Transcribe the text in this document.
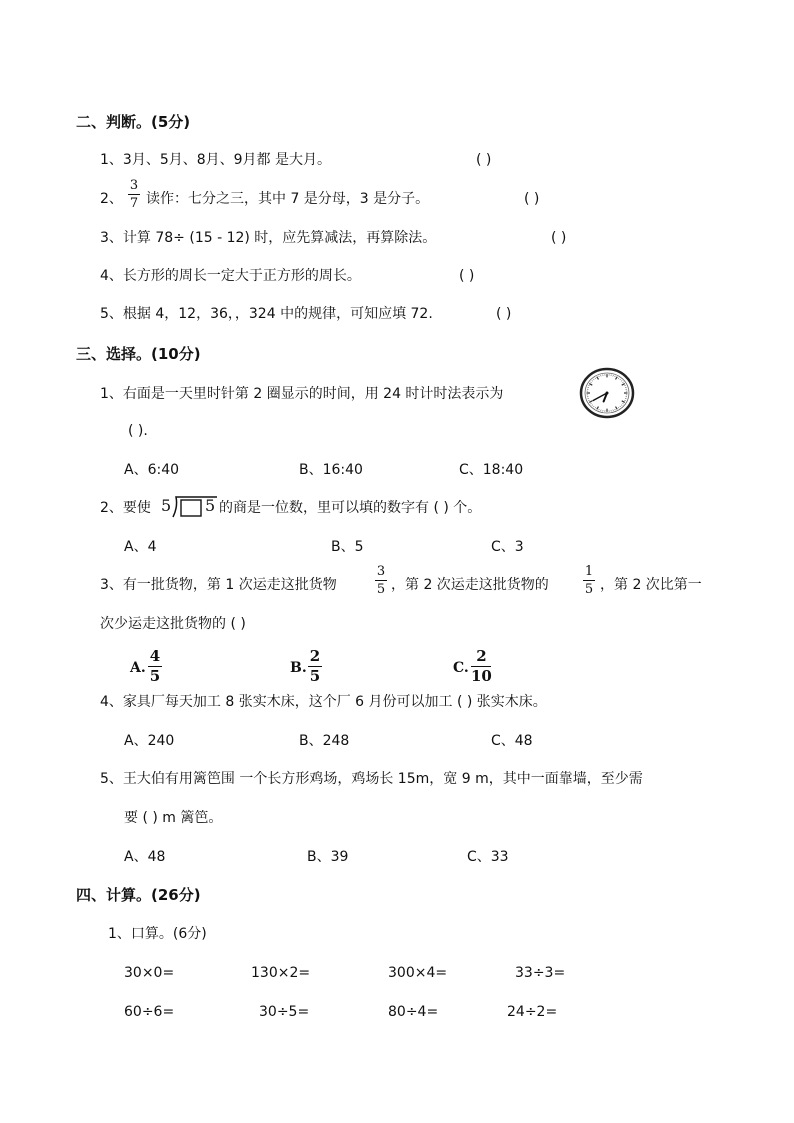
二、判断。(5分)
1、3月、5月、8月、9月都 是大月。	( )
2、
3
7 读作：七分之三，其中 7 是分母，3 是分子。	( )
3、计算 78÷ (15 - 12) 时，应先算减法，再算除法。	( )
4、长方形的周长一定大于正方形的周长。	( )
5、根据 4，12，36，，324 中的规律，可知应填 72.	( )
三、选择。(10分)
1、右面是一天里时针第 2 圈显示的时间，用 24 时计时法表示为
( ).
A、6:40	B、16:40	C、18:40
2、要使 5 5 的商是一位数，里可以填的数字有 ( ) 个。
A、4	B、5	C、3
3、有一批货物，第 1 次运走这批货物
3
5 ，第 2 次运走这批货物的
1
5 ，第 2 次比第一
次少运走这批货物的 ( )
A.
4
5	B.
2
5	C.
2
10
4、家具厂每天加工 8 张实木床，这个厂 6 月份可以加工 ( ) 张实木床。
A、240	B、248	C、48
5、王大伯有用篱笆围 一个长方形鸡场，鸡场长 15m，宽 9 m，其中一面靠墙，至少需
要 ( ) m 篱笆。
A、48	B、39	C、33
四、计算。(26分)
1、口算。(6分)
30×0=	130×2=	300×4=	33÷3=
60÷6=	30÷5=	80÷4=	24÷2=
